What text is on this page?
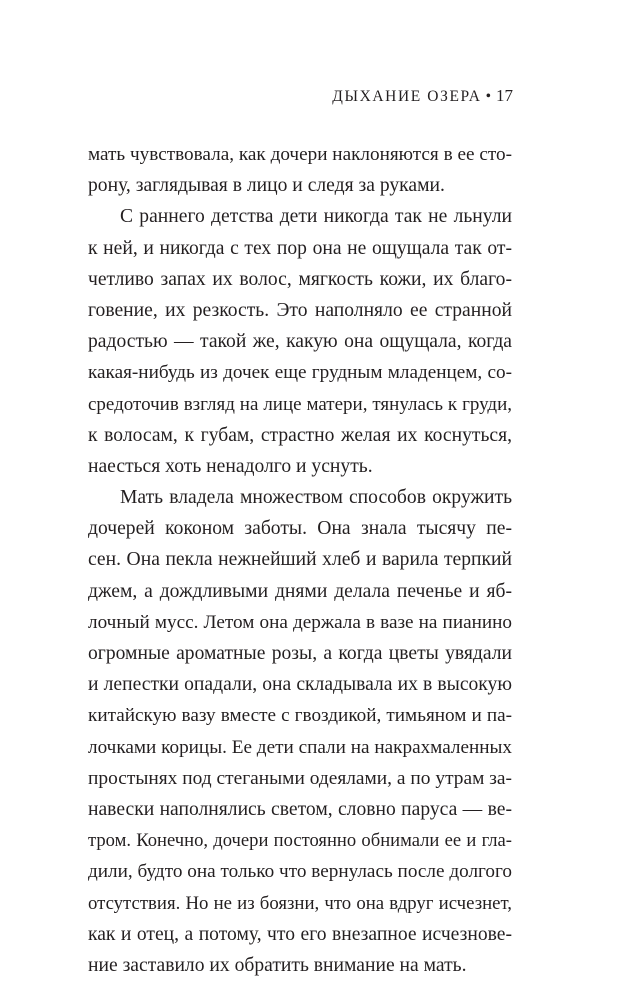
ДЫХАНИЕ ОЗЕРА • 17
мать чувствовала, как дочери наклоняются в ее сто-
рону, заглядывая в лицо и следя за руками.
С раннего детства дети никогда так не льнули
к ней, и никогда с тех пор она не ощущала так от-
четливо запах их волос, мягкость кожи, их благо-
говение, их резкость. Это наполняло ее странной
радостью — такой же, какую она ощущала, когда
какая-нибудь из дочек еще грудным младенцем, со-
средоточив взгляд на лице матери, тянулась к груди,
к волосам, к губам, страстно желая их коснуться,
наесться хоть ненадолго и уснуть.
Мать владела множеством способов окружить
дочерей коконом заботы. Она знала тысячу пе-
сен. Она пекла нежнейший хлеб и варила терпкий
джем, а дождливыми днями делала печенье и яб-
лочный мусс. Летом она держала в вазе на пианино
огромные ароматные розы, а когда цветы увядали
и лепестки опадали, она складывала их в высокую
китайскую вазу вместе с гвоздикой, тимьяном и па-
лочками корицы. Ее дети спали на накрахмаленных
простынях под стегаными одеялами, а по утрам за-
навески наполнялись светом, словно паруса — ве-
тром. Конечно, дочери постоянно обнимали ее и гла-
дили, будто она только что вернулась после долгого
отсутствия. Но не из боязни, что она вдруг исчезнет,
как и отец, а потому, что его внезапное исчезнове-
ние заставило их обратить внимание на мать.
